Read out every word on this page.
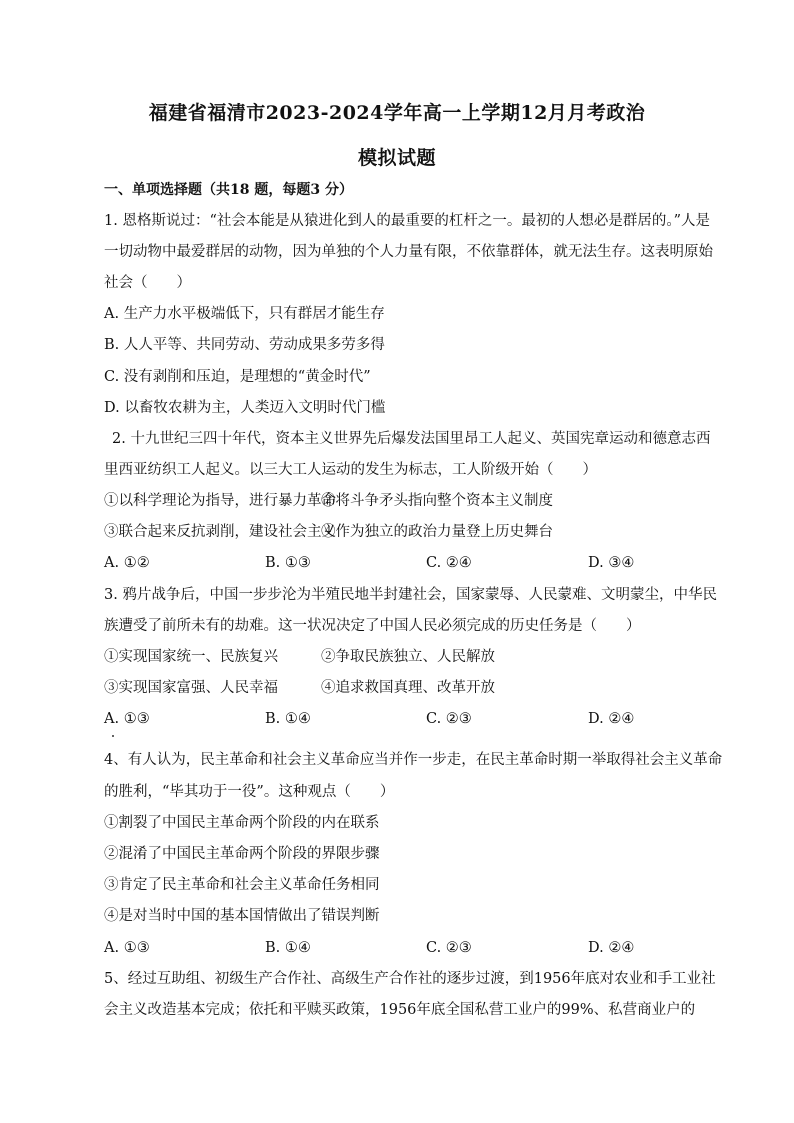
福建省福清市2023-2024学年高一上学期12月月考政治
模拟试题
一、单项选择题（共18 题，每题3 分）
1. 恩格斯说过：“社会本能是从猿进化到人的最重要的杠杆之一。最初的人想必是群居的。”人是
一切动物中最爱群居的动物，因为单独的个人力量有限，不依靠群体，就无法生存。这表明原始
社会（　　）
A. 生产力水平极端低下，只有群居才能生存
B. 人人平等、共同劳动、劳动成果多劳多得
C. 没有剥削和压迫，是理想的“黄金时代”
D. 以畜牧农耕为主，人类迈入文明时代门槛
2. 十九世纪三四十年代，资本主义世界先后爆发法国里昂工人起义、英国宪章运动和德意志西
里西亚纺织工人起义。以三大工人运动的发生为标志，工人阶级开始（　　）
①以科学理论为指导，进行暴力革命
②将斗争矛头指向整个资本主义制度
③联合起来反抗剥削，建设社会主义
④作为独立的政治力量登上历史舞台
A. ①②	B. ①③	C. ②④	D. ③④
3. 鸦片战争后，中国一步步沦为半殖民地半封建社会，国家蒙辱、人民蒙难、文明蒙尘，中华民
族遭受了前所未有的劫难。这一状况决定了中国人民必须完成的历史任务是（　　）
①实现国家统一、民族复兴	②争取民族独立、人民解放
③实现国家富强、人民幸福	④追求救国真理、改革开放
A. ①③	B. ①④	C. ②③	D. ②④
4、有人认为，民主革命和社会主义革命应当并作一步走，在民主革命时期一举取得社会主义革命
的胜利，“毕其功于一役”。这种观点（　　）
①割裂了中国民主革命两个阶段的内在联系
②混淆了中国民主革命两个阶段的界限步骤
③肯定了民主革命和社会主义革命任务相同
④是对当时中国的基本国情做出了错误判断
A. ①③	B. ①④	C. ②③	D. ②④
5、经过互助组、初级生产合作社、高级生产合作社的逐步过渡，到1956年底对农业和手工业社
会主义改造基本完成；依托和平赎买政策，1956年底全国私营工业户的99%、私营商业户的
